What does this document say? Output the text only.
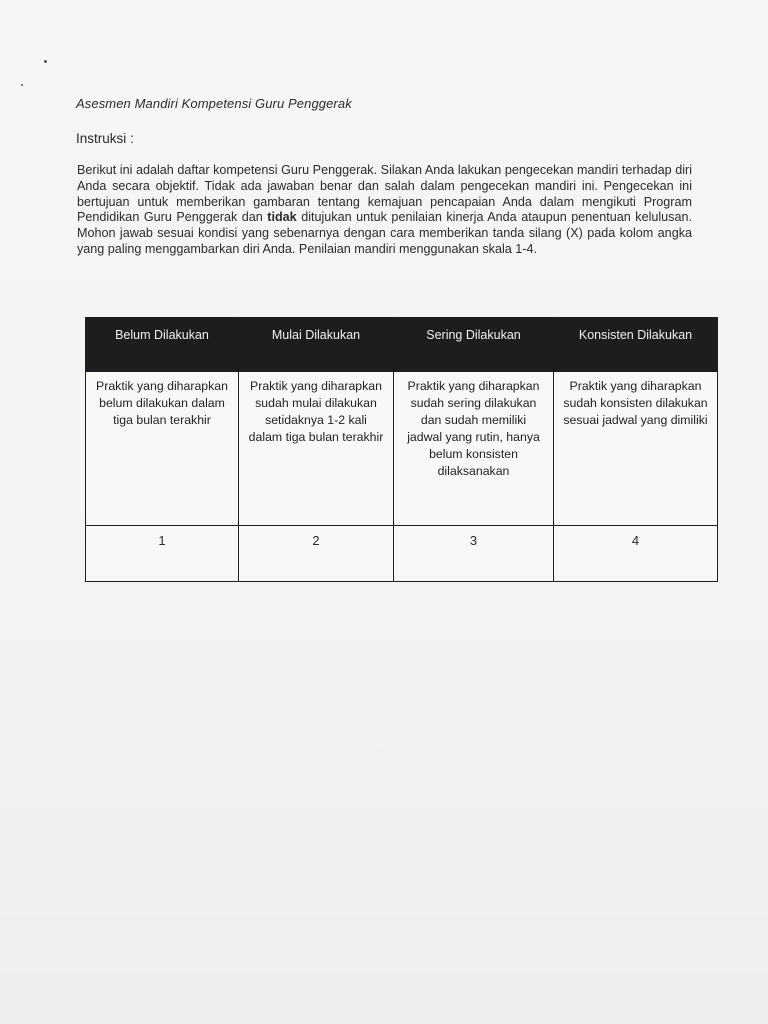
Asesmen Mandiri Kompetensi Guru Penggerak
Instruksi :
Berikut ini adalah daftar kompetensi Guru Penggerak. Silakan Anda lakukan pengecekan mandiri terhadap diri Anda secara objektif. Tidak ada jawaban benar dan salah dalam pengecekan mandiri ini. Pengecekan ini bertujuan untuk memberikan gambaran tentang kemajuan pencapaian Anda dalam mengikuti Program Pendidikan Guru Penggerak dan tidak ditujukan untuk penilaian kinerja Anda ataupun penentuan kelulusan. Mohon jawab sesuai kondisi yang sebenarnya dengan cara memberikan tanda silang (X) pada kolom angka yang paling menggambarkan diri Anda. Penilaian mandiri menggunakan skala 1-4.
Belum Dilakukan	Mulai Dilakukan	Sering Dilakukan	Konsisten Dilakukan

Praktik yang diharapkan belum dilakukan dalam tiga bulan terakhir	Praktik yang diharapkan sudah mulai dilakukan setidaknya 1-2 kali dalam tiga bulan terakhir	Praktik yang diharapkan sudah sering dilakukan dan sudah memiliki jadwal yang rutin, hanya belum konsisten dilaksanakan	Praktik yang diharapkan sudah konsisten dilakukan sesuai jadwal yang dimiliki
1	2	3	4
